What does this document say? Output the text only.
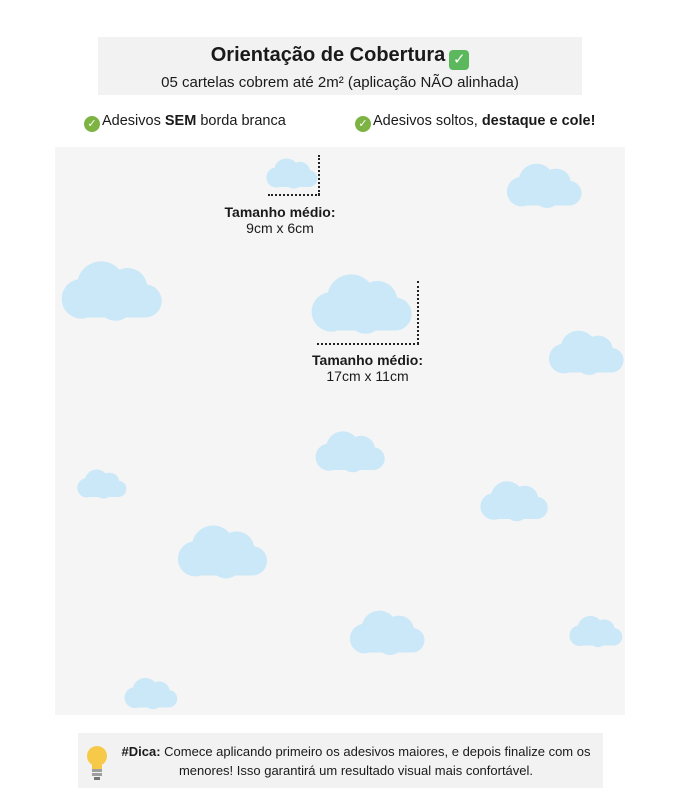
Orientação de Cobertura ✓
05 cartelas cobrem até 2m² (aplicação NÃO alinhada)
✓ Adesivos SEM borda branca	✓ Adesivos soltos, destaque e cole!
Tamanho médio:
9cm x 6cm
Tamanho médio:
17cm x 11cm
#Dica: Comece aplicando primeiro os adesivos maiores, e depois finalize com os menores! Isso garantirá um resultado visual mais confortável.
